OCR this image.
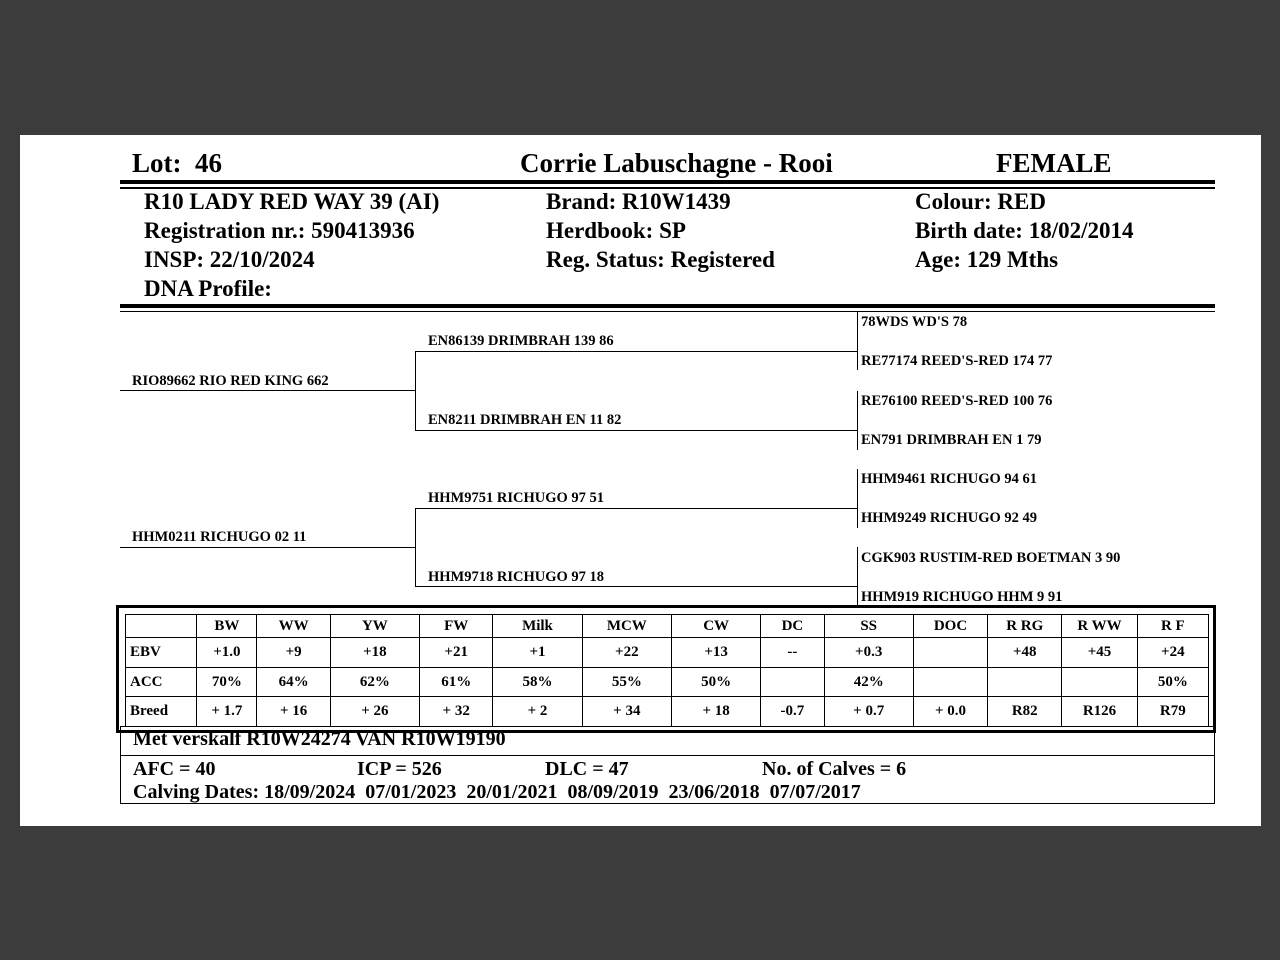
Lot: 46	Corrie Labuschagne - Rooi	FEMALE
R10 LADY RED WAY 39 (AI)
Registration nr.: 590413936
INSP: 22/10/2024
DNA Profile:
Brand: R10W1439
Herdbook: SP
Reg. Status: Registered
Colour: RED
Birth date: 18/02/2014
Age: 129 Mths
RIO89662 RIO RED KING 662
HHM0211 RICHUGO 02 11
EN86139 DRIMBRAH 139 86
EN8211 DRIMBRAH EN 11 82
HHM9751 RICHUGO 97 51
HHM9718 RICHUGO 97 18
78WDS WD'S 78
RE77174 REED'S-RED 174 77
RE76100 REED'S-RED 100 76
EN791 DRIMBRAH EN 1 79
HHM9461 RICHUGO 94 61
HHM9249 RICHUGO 92 49
CGK903 RUSTIM-RED BOETMAN 3 90
HHM919 RICHUGO HHM 9 91
	BW	WW	YW	FW	Milk	MCW	CW	DC	SS	DOC	R RG	R WW	R F
EBV	+1.0	+9	+18	+21	+1	+22	+13	--	+0.3		+48	+45	+24
ACC	70%	64%	62%	61%	58%	55%	50%		42%				50%
Breed	+ 1.7	+ 16	+ 26	+ 32	+ 2	+ 34	+ 18	-0.7	+ 0.7	+ 0.0	R82	R126	R79
Met verskalf R10W24274 VAN R10W19190
AFC = 40	ICP = 526	DLC = 47	No. of Calves = 6
Calving Dates: 18/09/2024  07/01/2023  20/01/2021  08/09/2019  23/06/2018  07/07/2017
